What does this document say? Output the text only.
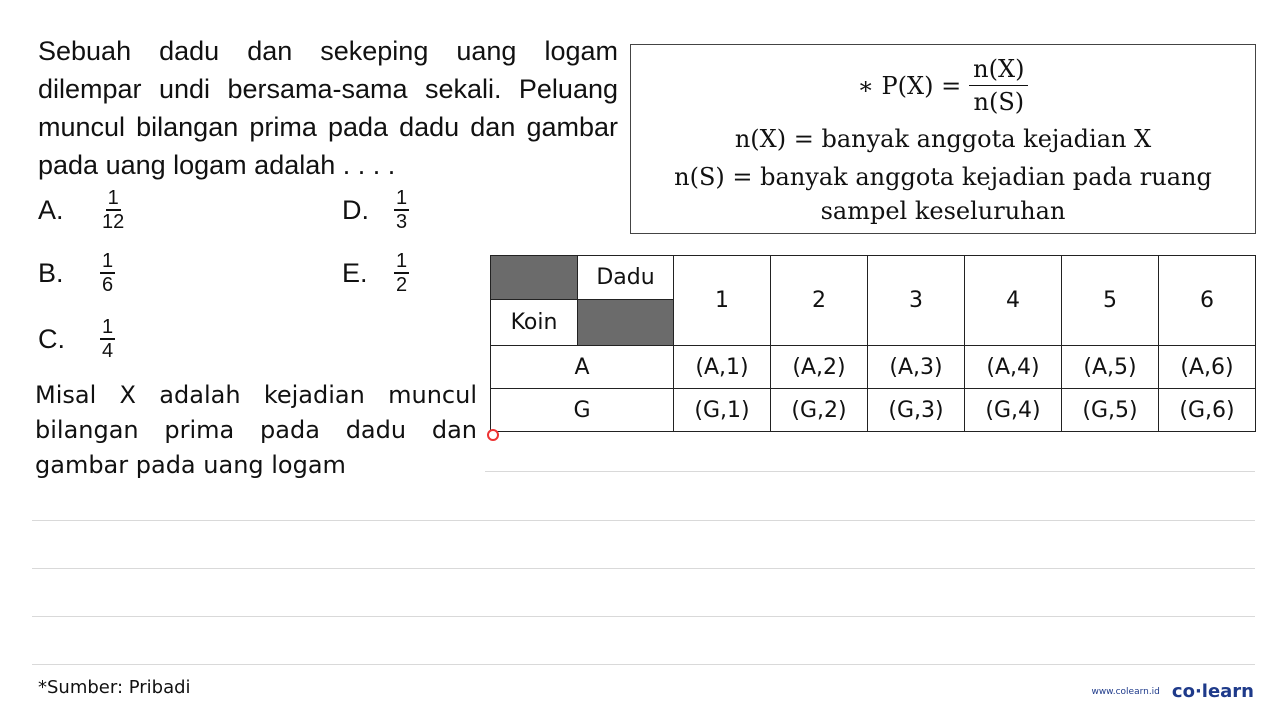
Sebuah dadu dan sekeping uang logam dilempar undi bersama-sama sekali. Peluang muncul bilangan prima pada dadu dan gambar pada uang logam adalah . . . .
A.	$\frac{1}{12}$
B.	$\frac{1}{6}$
C.	$\frac{1}{4}$
D.	$\frac{1}{3}$
E.	$\frac{1}{2}$
∗ $P(X) = \frac{n(X)}{n(S)}$
n(X) = banyak anggota kejadian X
n(S) = banyak anggota kejadian pada ruang
sampel keseluruhan
Misal X adalah kejadian muncul bilangan prima pada dadu dan gambar pada uang logam
	Dadu	1	2	3	4	5	6
Koin							
A		(A,1)	(A,2)	(A,3)	(A,4)	(A,5)	(A,6)
G		(G,1)	(G,2)	(G,3)	(G,4)	(G,5)	(G,6)
*Sumber: Pribadi	www.colearn.id co·learn
